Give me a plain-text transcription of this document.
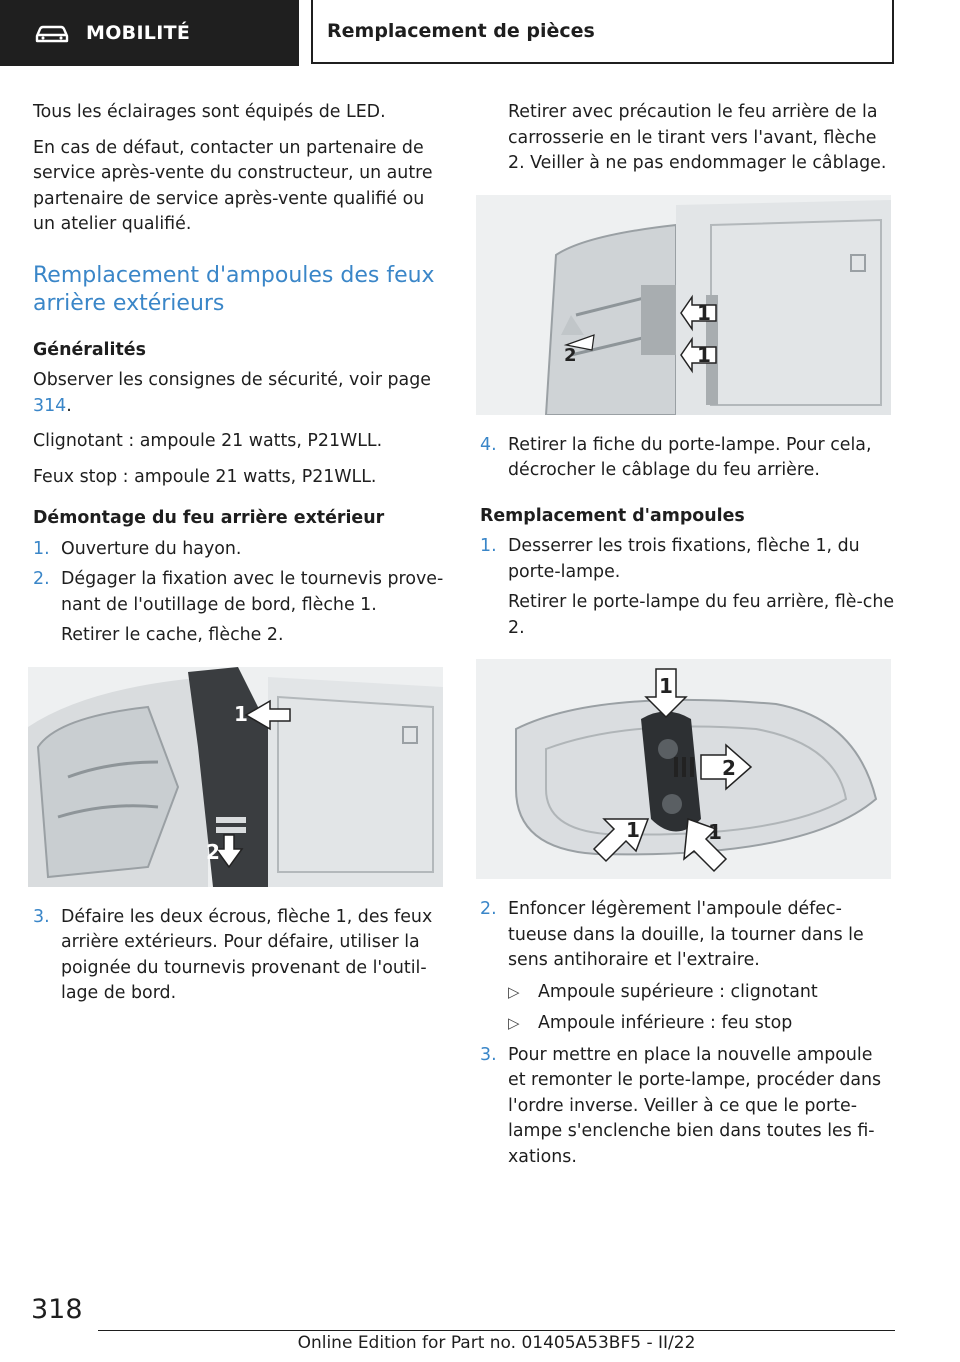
MOBILITÉ	Remplacement de pièces

Tous les éclairages sont équipés de LED.

En cas de défaut, contacter un partenaire de service après-vente du constructeur, un autre partenaire de service après-vente qualifié ou un atelier qualifié.

Remplacement d'ampoules des feux arrière extérieurs
Généralités

Observer les consignes de sécurité, voir page 314.

Clignotant : ampoule 21 watts, P21WLL.

Feux stop : ampoule 21 watts, P21WLL.

Démontage du feu arrière extérieur
1. Ouverture du hayon.
2. Dégager la fixation avec le tournevis prove-nant de l'outillage de bord, flèche 1.

Retirer le cache, flèche 2.

1
2
3. Défaire les deux écrous, flèche 1, des feux arrière extérieurs. Pour défaire, utiliser la poignée du tournevis provenant de l'outil-lage de bord.

Retirer avec précaution le feu arrière de la carrosserie en le tirant vers l'avant, flèche 2. Veiller à ne pas endommager le câblage.

1
1
2
4. Retirer la fiche du porte-lampe. Pour cela, décrocher le câblage du feu arrière.
Remplacement d'ampoules
1. Desserrer les trois fixations, flèche 1, du porte-lampe.

Retirer le porte-lampe du feu arrière, flè-che 2.

1
2
1	1
2. Enfoncer légèrement l'ampoule défec-tueuse dans la douille, la tourner dans le sens antihoraire et l'extraire.
▷	Ampoule supérieure : clignotant
▷	Ampoule inférieure : feu stop
3. Pour mettre en place la nouvelle ampoule et remonter le porte-lampe, procéder dans l'ordre inverse. Veiller à ce que le porte-lampe s'enclenche bien dans toutes les fi-xations.
318
Online Edition for Part no. 01405A53BF5 - II/22
